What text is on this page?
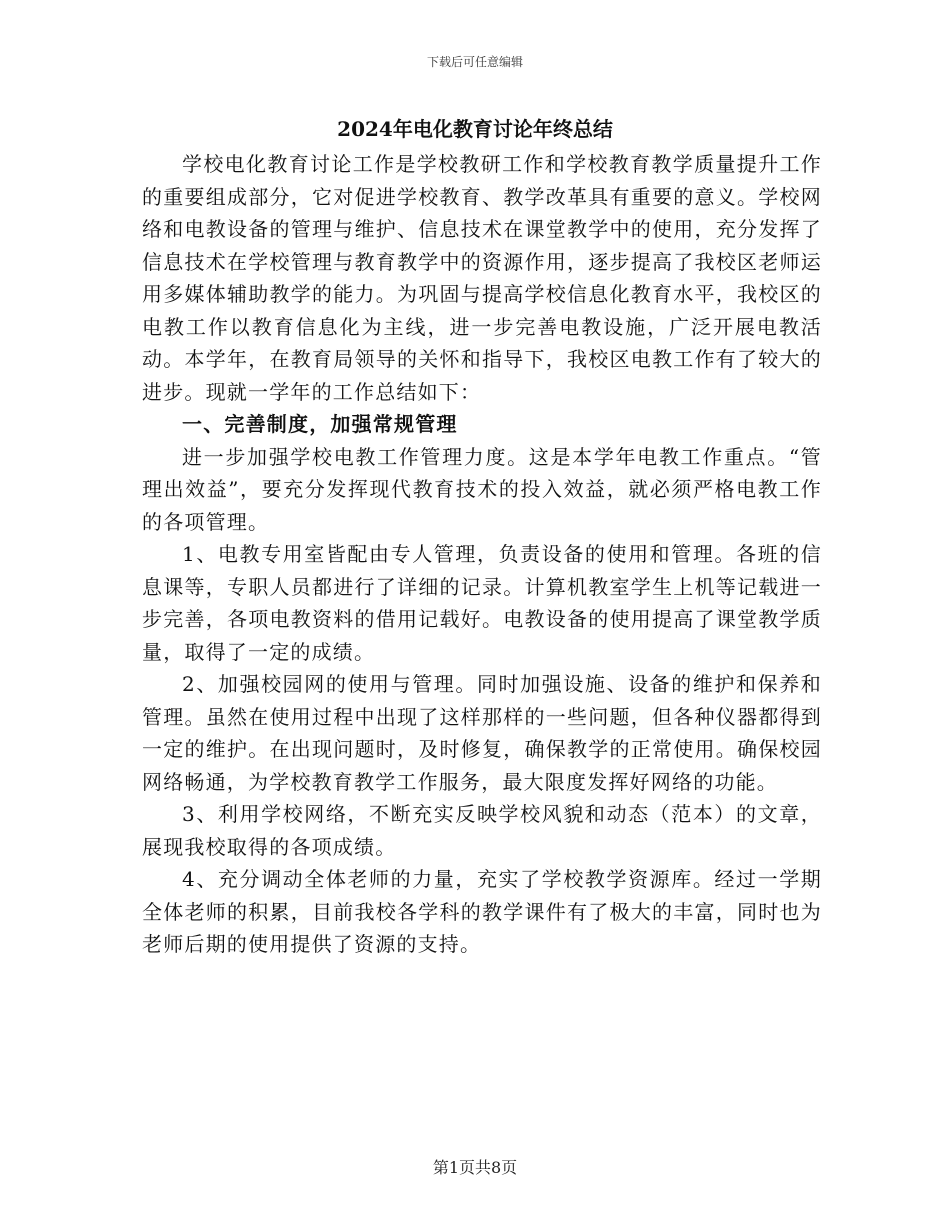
下载后可任意编辑
2024年电化教育讨论年终总结

学校电化教育讨论工作是学校教研工作和学校教育教学质量提升工作的重要组成部分，它对促进学校教育、教学改革具有重要的意义。学校网络和电教设备的管理与维护、信息技术在课堂教学中的使用，充分发挥了信息技术在学校管理与教育教学中的资源作用，逐步提高了我校区老师运用多媒体辅助教学的能力。为巩固与提高学校信息化教育水平，我校区的电教工作以教育信息化为主线，进一步完善电教设施，广泛开展电教活动。本学年，在教育局领导的关怀和指导下，我校区电教工作有了较大的进步。现就一学年的工作总结如下：

一、完善制度，加强常规管理

进一步加强学校电教工作管理力度。这是本学年电教工作重点。“管理出效益”，要充分发挥现代教育技术的投入效益，就必须严格电教工作的各项管理。

1、电教专用室皆配由专人管理，负责设备的使用和管理。各班的信息课等，专职人员都进行了详细的记录。计算机教室学生上机等记载进一步完善，各项电教资料的借用记载好。电教设备的使用提高了课堂教学质量，取得了一定的成绩。

2、加强校园网的使用与管理。同时加强设施、设备的维护和保养和管理。虽然在使用过程中出现了这样那样的一些问题，但各种仪器都得到一定的维护。在出现问题时，及时修复，确保教学的正常使用。确保校园网络畅通，为学校教育教学工作服务，最大限度发挥好网络的功能。

3、利用学校网络，不断充实反映学校风貌和动态（范本）的文章，展现我校取得的各项成绩。

4、充分调动全体老师的力量，充实了学校教学资源库。经过一学期全体老师的积累，目前我校各学科的教学课件有了极大的丰富，同时也为老师后期的使用提供了资源的支持。

第1页共8页
